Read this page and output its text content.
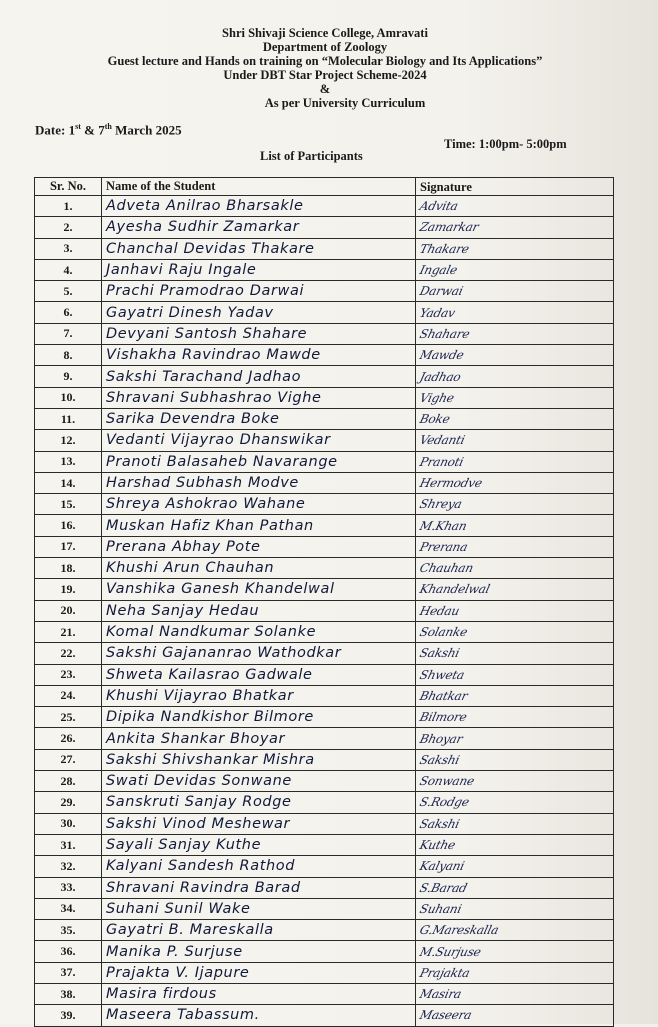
Shri Shivaji Science College, Amravati
Department of Zoology
Guest lecture and Hands on training on “Molecular Biology and Its Applications”
Under DBT Star Project Scheme-2024
&
As per University Curriculum
Date: 1st & 7th March 2025
Time: 1:00pm- 5:00pm
List of Participants
Sr. No.	Name of the Student	Signature
1.	Adveta Anilrao Bharsakle	Advita
2.	Ayesha Sudhir Zamarkar	Zamarkar
3.	Chanchal Devidas Thakare	Thakare
4.	Janhavi Raju Ingale	Ingale
5.	Prachi Pramodrao Darwai	Darwai
6.	Gayatri Dinesh Yadav	Yadav
7.	Devyani Santosh Shahare	Shahare
8.	Vishakha Ravindrao Mawde	Mawde
9.	Sakshi Tarachand Jadhao	Jadhao
10.	Shravani Subhashrao Vighe	Vighe
11.	Sarika Devendra Boke	Boke
12.	Vedanti Vijayrao Dhanswikar	Vedanti
13.	Pranoti Balasaheb Navarange	Pranoti
14.	Harshad Subhash Modve	Hermodve
15.	Shreya Ashokrao Wahane	Shreya
16.	Muskan Hafiz Khan Pathan	M.Khan
17.	Prerana Abhay Pote	Prerana
18.	Khushi Arun Chauhan	Chauhan
19.	Vanshika Ganesh Khandelwal	Khandelwal
20.	Neha Sanjay Hedau	Hedau
21.	Komal Nandkumar Solanke	Solanke
22.	Sakshi Gajananrao Wathodkar	Sakshi
23.	Shweta Kailasrao Gadwale	Shweta
24.	Khushi Vijayrao Bhatkar	Bhatkar
25.	Dipika Nandkishor Bilmore	Bilmore
26.	Ankita Shankar Bhoyar	Bhoyar
27.	Sakshi Shivshankar Mishra	Sakshi
28.	Swati Devidas Sonwane	Sonwane
29.	Sanskruti Sanjay Rodge	S.Rodge
30.	Sakshi Vinod Meshewar	Sakshi
31.	Sayali Sanjay Kuthe	Kuthe
32.	Kalyani Sandesh Rathod	Kalyani
33.	Shravani Ravindra Barad	S.Barad
34.	Suhani Sunil Wake	Suhani
35.	Gayatri B. Mareskalla	G.Mareskalla
36.	Manika P. Surjuse	M.Surjuse
37.	Prajakta V. Ijapure	Prajakta
38.	Masira firdous	Masira
39.	Maseera Tabassum.	Maseera
